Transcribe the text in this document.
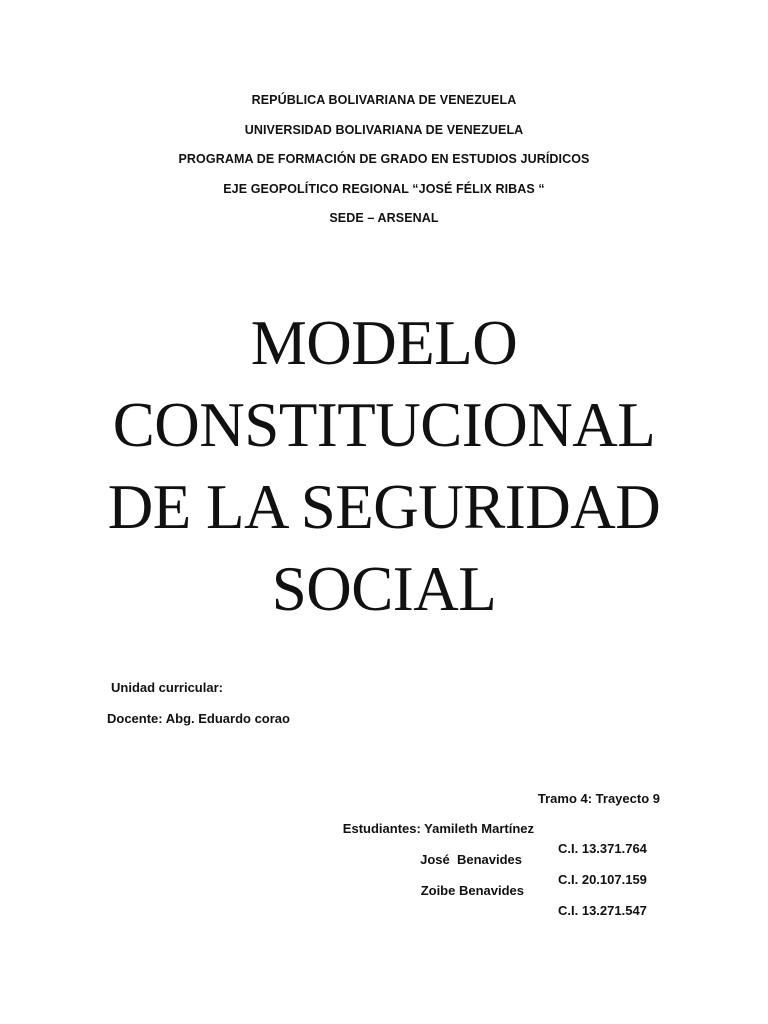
REPÚBLICA BOLIVARIANA DE VENEZUELA
UNIVERSIDAD BOLIVARIANA DE VENEZUELA
PROGRAMA DE FORMACIÓN DE GRADO EN ESTUDIOS JURÍDICOS
EJE GEOPOLÍTICO REGIONAL “JOSÉ FÉLIX RIBAS “
SEDE – ARSENAL
MODELO
CONSTITUCIONAL
DE LA SEGURIDAD
SOCIAL
Unidad curricular:
Docente: Abg. Eduardo corao

Tramo 4: Trayecto 9

Estudiantes: Yamileth Martínez

C.I. 13.371.764

José  Benavides

C.I. 20.107.159

Zoibe Benavides

C.I. 13.271.547
